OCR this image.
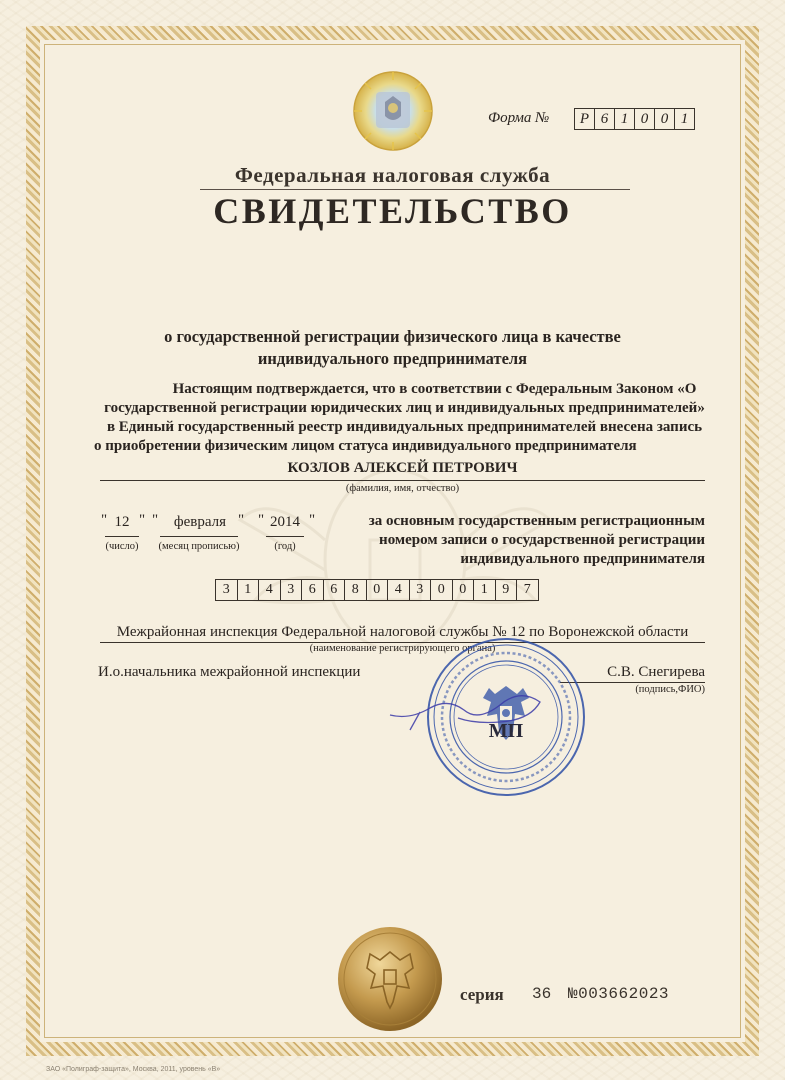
Форма №	Р 6 1 0 0 1
Федеральная налоговая служба
СВИДЕТЕЛЬСТВО
о государственной регистрации физического лица в качестве
индивидуального предпринимателя
Настоящим подтверждается, что в соответствии с Федеральным Законом «О
государственной регистрации юридических лиц и индивидуальных предпринимателей»
в Единый государственный реестр индивидуальных предпринимателей внесена запись
о приобретении физическим лицом статуса индивидуального предпринимателя
КОЗЛОВ АЛЕКСЕЙ ПЕТРОВИЧ
(фамилия, имя, отчество)
" 12 " "	февраля " " 2014 "
(число)	(месяц прописью)	(год)
за основным государственным регистрационным
номером записи о государственной регистрации
индивидуального предпринимателя
3	1	4	3	6	6	8	0	4	3	0	0	1	9	7
Межрайонная инспекция Федеральной налоговой службы № 12 по Воронежской области
(наименование регистрирующего органа)
И.о.начальника межрайонной инспекции	С.В. Снегирева
(подпись,ФИО)
МП
серия 36 №003662023
ЗАО «Полиграф-защита», Москва, 2011, уровень «В»
